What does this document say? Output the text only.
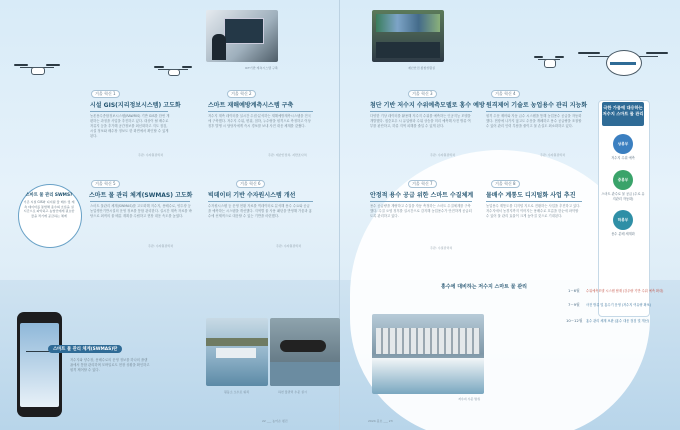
ICT기반 계측시스템 구축	재난안전 종합상황실
스마트 물 관리 SWMS?
기존 시설 GIS와 디지털 물 배수 및 계측 데이터를 통합해 용수의 흐름을 실시간으로 파악하고 농업인에게 필요한 물을 적기에 공급하는 체계
스마트 물 관리 체계(SWMAS)란
저수지와 양수장, 용배수로의 운영 정보를 하나의 플랫폼에서 통합 관리하며 모바일로도 현장 상황을 확인하고 원격 제어할 수 있다.
겨울 혁신 1
시설 GIS(지리정보시스템) 고도화
농촌용수종합정보시스템(RAWRIS) 기반 GIS를 한번 개편하는 과정을 사업을 추진하고 있다. 대상이 될 배수로 저류지 등을 추가해 공간정보를 최신화하고 지도 점검, 시설 정보와 배수장 정보도 한 화면에서 확인할 수 있게 된다.
주관: 수자원관리처
겨울 혁신 2
스마트 재해예방계측시스템 구축
저수지 계측 데이터를 실시간 수집·분석하는 재해예방계측시스템을 전국에 구축했다. 저수지 수위, 변위, 침하, 누수량을 원격으로 측정하고 이상 징후 발생 시 담당자에게 즉시 경보를 보내 사전 대응 체계를 갖췄다.
주관: 재난안전처, 지반조사처
겨울 혁신 5
스마트 물 관리 체계(SWMAS) 고도화
스마트 물관리 체계(SWMAS)를 고도화해 저수지, 용배수로, 양수장 등 농업생산기반시설의 운영 정보를 통합 관리한다. 실시간 계측 자료를 바탕으로 최적의 물 배분 계획을 수립하고 현장 대응 속도를 높였다.
주관: 수자원관리처
겨울 혁신 6
빅데이터 기반 수자원시스템 개선
수자원시스템 등 운영 현황 자료를 빅데이터로 분석해 용수 수요와 공급을 예측하는 시스템을 개선했다. 지역별 물 사용 패턴을 반영해 가뭄과 홍수에 선제적으로 대응할 수 있는 기반을 마련했다.
주관: 수자원관리처
겨울 혁신 3
첨단 기반 저수지 수위예측모델로 홍수 예방
다양한 기상 데이터를 활용해 저수지 수위를 예측하는 인공지능 모델을 개발했다. 집중호우 시 유입량과 수위 상승을 미리 예측해 사전 방류 여부를 판단하고, 하류 지역 피해를 줄일 수 있게 된다.
주관: 수자원관리처
겨울 혁신 4
원격제어 기술로 농업용수 관리 지능화
원격 수문 제어와 자동 급수 시스템을 통해 농업용수 공급을 자동화했다. 현장에 나가지 않고도 수문을 개폐하고 용수 공급량을 조절할 수 있어 관리 인력 부담을 줄이고 물 손실도 최소화하고 있다.
주관: 수자원관리처
겨울 혁신 7
안정적 용수 공급 위한 스마트 수질체계
용수 공급량을 계량하고 수질을 자동 측정하는 스마트 수질체계를 구축했다. 수질 오염 징후를 실시간으로 감지해 농업용수가 안전하게 공급되도록 관리하고 있다.
주관: 수질관리처
겨울 혁신 8
물배수 계통도 디지털화 사업 추진
농업용수 계통도를 디지털 지도로 전환하는 사업을 추진하고 있다. 저수지에서 농경지까지 이어지는 용배수로 흐름을 한눈에 파악할 수 있어 물 관리 효율이 크게 높아질 것으로 기대된다.
극한 가뭄에 대응하는 저수지 스마트 물 관리
상류부
저수지 수위 예측
중류부
스마트 관수로 물 공급 (수로 유지관리 자동화)
하류부
용수 분배 체계화
홍수에 대비하는 저수지 스마트 물 관리
1~6월 수위예측모델 시스템 탑재 (강우량 기반 수위 예측 확대)
7~9월 사전 방류 및 홍수기 운영 (저수지 여유량 확보)
10~12월 홍수 관리 체계 보완 (홍수 대응 점검 및 개선)
원동소 오수로 위치	하천 물관리 수문 실시
저수지 수문 방류
22 ___ 농어촌 웹진	2024 봄호 ___ 23
